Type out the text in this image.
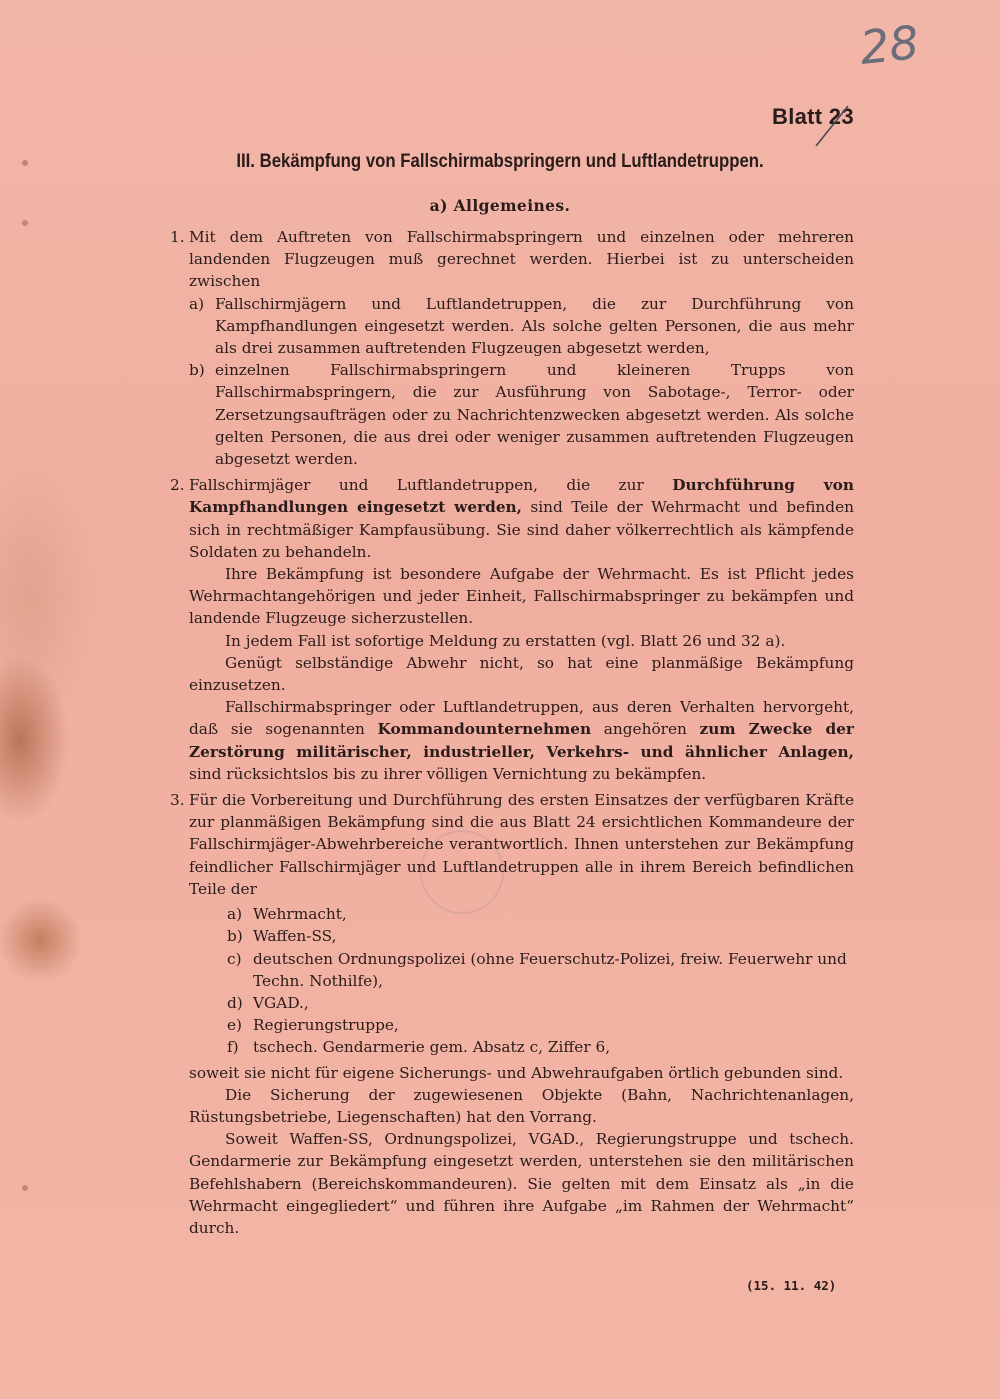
28
Blatt 23
III. Bekämpfung von Fallschirmabspringern und Luftlandetruppen.
a) Allgemeines.
1. Mit dem Auftreten von Fallschirmabspringern und einzelnen oder mehreren landenden Flugzeugen muß gerechnet werden. Hierbei ist zu unterscheiden zwischen
a) Fallschirmjägern und Luftlandetruppen, die zur Durchführung von Kampfhandlungen eingesetzt werden. Als solche gelten Personen, die aus mehr als drei zusammen auftretenden Flugzeugen abgesetzt werden,
b) einzelnen Fallschirmabspringern und kleineren Trupps von Fallschirmabspringern, die zur Ausführung von Sabotage-, Terror- oder Zersetzungsaufträgen oder zu Nachrichtenzwecken abgesetzt werden. Als solche gelten Personen, die aus drei oder weniger zusammen auftretenden Flugzeugen abgesetzt werden.
2. Fallschirmjäger und Luftlandetruppen, die zur Durchführung von Kampfhandlungen eingesetzt werden, sind Teile der Wehrmacht und befinden sich in rechtmäßiger Kampfausübung. Sie sind daher völkerrechtlich als kämpfende Soldaten zu behandeln.

Ihre Bekämpfung ist besondere Aufgabe der Wehrmacht. Es ist Pflicht jedes Wehrmachtangehörigen und jeder Einheit, Fallschirmabspringer zu bekämpfen und landende Flugzeuge sicherzustellen.

In jedem Fall ist sofortige Meldung zu erstatten (vgl. Blatt 26 und 32 a).

Genügt selbständige Abwehr nicht, so hat eine planmäßige Bekämpfung einzusetzen.

Fallschirmabspringer oder Luftlandetruppen, aus deren Verhalten hervorgeht, daß sie sogenannten Kommandounternehmen angehören zum Zwecke der Zerstörung militärischer, industrieller, Verkehrs- und ähnlicher Anlagen, sind rücksichtslos bis zu ihrer völligen Vernichtung zu bekämpfen.

3. Für die Vorbereitung und Durchführung des ersten Einsatzes der verfügbaren Kräfte zur planmäßigen Bekämpfung sind die aus Blatt 24 ersichtlichen Kommandeure der Fallschirmjäger-Abwehrbereiche verantwortlich. Ihnen unterstehen zur Bekämpfung feindlicher Fallschirmjäger und Luftlandetruppen alle in ihrem Bereich befindlichen Teile der
a) Wehrmacht,
b) Waffen-SS,
c) deutschen Ordnungspolizei (ohne Feuerschutz-Polizei, freiw. Feuerwehr und Techn. Nothilfe),
d) VGAD.,
e) Regierungstruppe,
f) tschech. Gendarmerie gem. Absatz c, Ziffer 6,
soweit sie nicht für eigene Sicherungs- und Abwehraufgaben örtlich gebunden sind.

Die Sicherung der zugewiesenen Objekte (Bahn, Nachrichtenanlagen, Rüstungsbetriebe, Liegenschaften) hat den Vorrang.

Soweit Waffen-SS, Ordnungspolizei, VGAD., Regierungstruppe und tschech. Gendarmerie zur Bekämpfung eingesetzt werden, unterstehen sie den militärischen Befehlshabern (Bereichskommandeuren). Sie gelten mit dem Einsatz als „in die Wehrmacht eingegliedert“ und führen ihre Aufgabe „im Rahmen der Wehrmacht“ durch.

(15. 11. 42)
